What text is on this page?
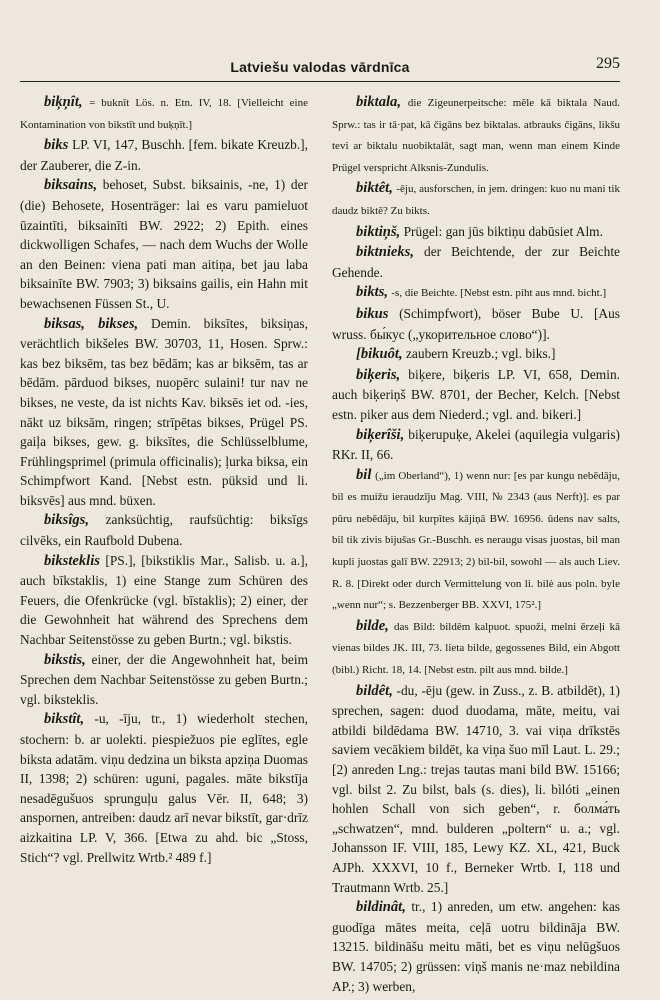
Latviešu valodas vārdnīca	295

biķņît, = buknīt Lös. n. Etn. IV, 18. [Vielleicht eine Kontamination von bikstīt und buķņīt.]

biks LP. VI, 147, Buschh. [fem. bikate Kreuzb.], der Zauberer, die Z-in.

biksains, behoset, Subst. biksainis, -ne, 1) der (die) Behosete, Hosenträger: lai es varu pamieluot ūzaintīti, biksainīti BW. 2922; 2) Epith. eines dickwolligen Schafes, — nach dem Wuchs der Wolle an den Beinen: viena pati man aitiņa, bet jau laba biksainīte BW. 7903; 3) biksains gailis, ein Hahn mit bewachsenen Füssen St., U.

biksas, bikses, Demin. biksītes, biksiņas, verächtlich bikšeles BW. 30703, 11, Hosen. Sprw.: kas bez biksēm, tas bez bēdām; kas ar biksēm, tas ar bēdām. pārduod bikses, nuopērc sulaini! tur nav ne bikses, ne veste, da ist nichts Kav. biksēs iet od. -ies, nākt uz biksām, ringen; strīpētas bikses, Prügel PS. gaiļa bikses, gew. g. biksītes, die Schlüsselblume, Frühlingsprimel (primula officinalis); ļurka biksa, ein Schimpfwort Kand. [Nebst estn. püksid und li. biksvēs] aus mnd. büxen.

biksîgs, zanksüchtig, raufsüchtig: biksīgs cilvēks, ein Raufbold Dubena.

biksteklis [PS.], [bikstiklis Mar., Salisb. u. a.], auch bīkstaklis, 1) eine Stange zum Schüren des Feuers, die Ofenkrücke (vgl. bīstaklis); 2) einer, der die Gewohnheit hat während des Sprechens dem Nachbar Seitenstösse zu geben Burtn.; vgl. bikstis.

bikstis, einer, der die Angewohnheit hat, beim Sprechen dem Nachbar Seitenstösse zu geben Burtn.; vgl. biksteklis.

bikstît, -u, -īju, tr., 1) wiederholt stechen, stochern: b. ar uolekti. piespiežuos pie eglītes, egle biksta adatām. viņu dedzina un biksta apziņa Duomas II, 1398; 2) schüren: uguni, pagales. māte bikstīja nesadēgušuos sprunguļu galus Vēr. II, 648; 3) anspornen, antreiben: daudz arī nevar bikstīt, gar·drīz aizkaitina LP. V, 366. [Etwa zu ahd. bic „Stoss, Stich“? vgl. Prellwitz Wrtb.² 489 f.]

biktala, die Zigeunerpeitsche: mēle kā biktala Naud. Sprw.: tas ir tā·pat, kā čigāns bez biktalas. atbrauks čigāns, likšu tevi ar biktalu nuobiktalāt, sagt man, wenn man einem Kinde Prügel verspricht Alksnis-Zundulis.

biktêt, -ēju, ausforschen, in jem. dringen: kuo nu mani tik daudz biktē? Zu bikts.

biktiņš, Prügel: gan jūs biktiņu dabūsiet Alm.

biktnieks, der Beichtende, der zur Beichte Gehende.

bikts, -s, die Beichte. [Nebst estn. piht aus mnd. bicht.]

bikus (Schimpfwort), böser Bube U. [Aus wruss. бы́кус („укорительное слово“)].

[bikuôt, zaubern Kreuzb.; vgl. biks.]

biķeris, biķere, biķeris LP. VI, 658, Demin. auch biķeriņš BW. 8701, der Becher, Kelch. [Nebst estn. piker aus dem Niederd.; vgl. and. bikeri.]

biķerîši, biķerupuķe, Akelei (aquilegia vulgaris) RKr. II, 66.

bil („im Oberland“), 1) wenn nur: [es par kungu nebēdāju, bil es muižu ieraudzīju Mag. VIII, № 2343 (aus Nerft)]. es par pūru nebēdāju, bil kurpītes kājiņā BW. 16956. ūdens nav salts, bil tik zivis bijušas Gr.-Buschh. es neraugu visas juostas, bil man kupli juostas galī BW. 22913; 2) bil-bil, sowohl — als auch Liev. R. 8. [Direkt oder durch Vermittelung von li. bilė aus poln. byle „wenn nur“; s. Bezzenberger BB. XXVI, 175².]

bilde, das Bild: bildēm kalpuot. spuoži, melni ērzeļi kā vienas bildes JK. III, 73. lieta bilde, gegossenes Bild, ein Abgott (bibl.) Richt. 18, 14. [Nebst estn. pilt aus mnd. bilde.]

bildêt, -du, -ēju (gew. in Zuss., z. B. atbildēt), 1) sprechen, sagen: duod duodama, māte, meitu, vai atbildi bildēdama BW. 14710, 3. vai viņa drīkstēs saviem vecākiem bildēt, ka viņa šuo mīl Laut. L. 29.; [2) anreden Lng.: trejas tautas mani bild BW. 15166; vgl. bilst 2. Zu bilst, bals (s. dies), li. bìlóti „einen hohlen Schall von sich geben“, r. болма́ть „schwatzen“, mnd. bulderen „poltern“ u. a.; vgl. Johansson IF. VIII, 185, Lewy KZ. XL, 421, Buck AJPh. XXXVI, 10 f., Berneker Wrtb. I, 118 und Trautmann Wrtb. 25.]

bildinât, tr., 1) anreden, um etw. angehen: kas guodīga mātes meita, ceļā uotru bildināja BW. 13215. bildināšu meitu māti, bet es viņu nelūgšuos BW. 14705; 2) grüssen: viņš manis ne·maz nebildina AP.; 3) werben,
